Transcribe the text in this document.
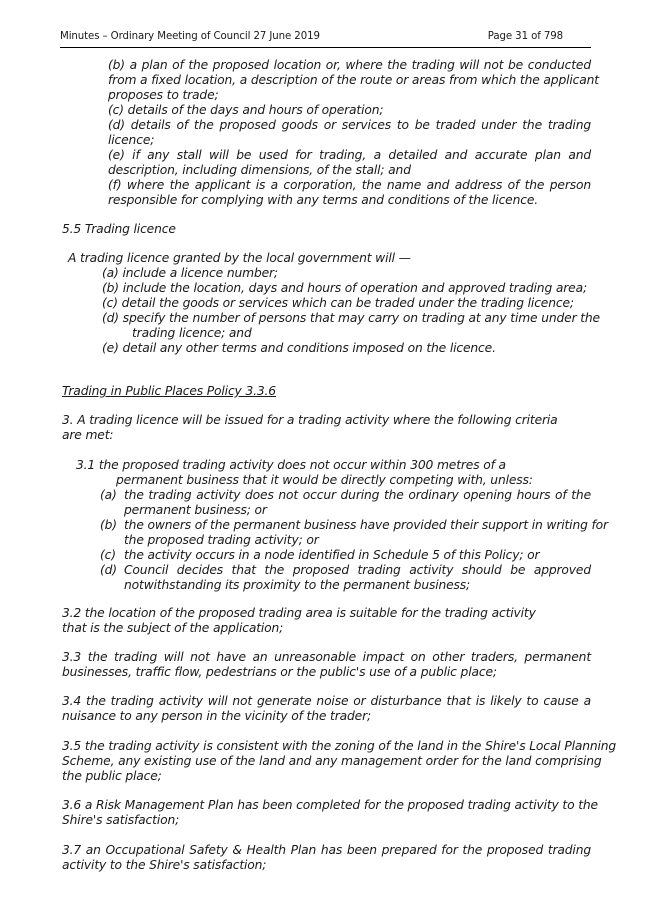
Minutes – Ordinary Meeting of Council 27 June 2019	Page 31 of 798
(b) a plan of the proposed location or, where the trading will not be conducted
from a fixed location, a description of the route or areas from which the applicant
proposes to trade;
(c) details of the days and hours of operation;
(d) details of the proposed goods or services to be traded under the trading
licence;
(e) if any stall will be used for trading, a detailed and accurate plan and
description, including dimensions, of the stall; and
(f) where the applicant is a corporation, the name and address of the person
responsible for complying with any terms and conditions of the licence.
5.5 Trading licence
A trading licence granted by the local government will —
(a) include a licence number;
(b) include the location, days and hours of operation and approved trading area;
(c) detail the goods or services which can be traded under the trading licence;
(d) specify the number of persons that may carry on trading at any time under the
trading licence; and
(e) detail any other terms and conditions imposed on the licence.
Trading in Public Places Policy 3.3.6
3. A trading licence will be issued for a trading activity where the following criteria
are met:
3.1 the proposed trading activity does not occur within 300 metres of a
permanent business that it would be directly competing with, unless:
(a) the trading activity does not occur during the ordinary opening hours of the
permanent business; or
(b) the owners of the permanent business have provided their support in writing for
the proposed trading activity; or
(c) the activity occurs in a node identified in Schedule 5 of this Policy; or
(d) Council decides that the proposed trading activity should be approved
notwithstanding its proximity to the permanent business;
3.2 the location of the proposed trading area is suitable for the trading activity
that is the subject of the application;
3.3 the trading will not have an unreasonable impact on other traders, permanent
businesses, traffic flow, pedestrians or the public's use of a public place;
3.4 the trading activity will not generate noise or disturbance that is likely to cause a
nuisance to any person in the vicinity of the trader;
3.5 the trading activity is consistent with the zoning of the land in the Shire's Local Planning
Scheme, any existing use of the land and any management order for the land comprising
the public place;
3.6 a Risk Management Plan has been completed for the proposed trading activity to the
Shire's satisfaction;
3.7 an Occupational Safety & Health Plan has been prepared for the proposed trading
activity to the Shire's satisfaction;
